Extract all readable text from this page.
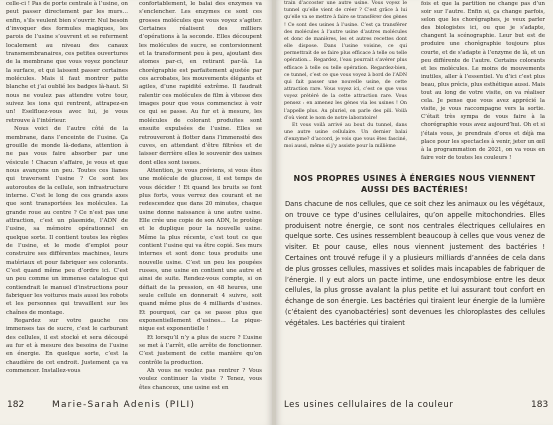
celle-ci ! Pas de porte centrale à l’usine, on peut passer directement par les murs… enfin, s’ils veulent bien s’ouvrir. Nul besoin d’invoquer des formules magiques, les parois de l’usine s’ouvrent et se referment localement au niveau des canaux transmembranaires, ces petites ouvertures de la membrane que vous voyez poncteur la surface, et qui laissent passer certaines molécules. Mais il faut montrer patte blanche et j’ai oublié les badges là-haut. Si nous ne voulez pas attendre votre tour, suivez les ions qui rentrent, attrapez-en un! Eselfluez-vous avec lui, je vous retrouve à l’intérieur.

Nous voici de l’autre côté de la membrane, dans l’enceinte de l’usine. Ça grouille de monde là-dedans, attention à ne pas vous faire absorber par une vésicule ! Chacun s’affaire, je vous et que nous avançons un peu. Toutes ces lianes qui traversent l’usine ? Ce sont les autoroutes de la cellule, son infrastructure interne. C’est le long de ces grands axes que sont transportées les molécules. La grande roue au centre ? Ce n’est pas une attraction, c’est un plasmide, l’ADN de l’usine, sa mémoire opérationnel en quelque sorte. Il contient toutes les règles de l’usine, et le mode d’emploi pour construire ses différentes machines, leurs matériaux et pour fabriquer ses colorants. C’est quand même peu d’ordre ici. C’est un peu comme un immense catalogue qui contiendrait le manuel d’instructions pour fabriquer les voitures mais aussi les robots et les personnes qui travaillent sur les chaînes de montage.

Regardez sur votre gauche ces immenses tas de sucre, c’est le carburant des cellules, il est stocké et sera découpé au fur et à mesure des besoins de l’usine en énergie. En quelque sorte, c’est la chaudière de cet endroit. Justement ça va commencer. Installez-vous

confortablement, le balai des enzymes va s’enclencher. Les enzymes ce sont ces grosses molécules que vous voyez s’agiter. Certaines réalisent des milliers d’opérations à la seconde. Elles découpent les molécules de sucre, se contorsionnent et la transforment peu à peu, ajoutant des atomes par-ci, en retirant par-là. La chorégraphie est parfaitement ajustée par ces acrobates, les mouvements élégants et agiles, d’une rapidité extrême. Il faudrait ralentir ces molécules de film à vitesse des images pour que vous commenciez à voir ce qui se passe. Au fur et à mesure, les molécules de colorant produites sont ensuite expulsées de l’usine. Elles se retrouveront à flotter dans l’immensité des cuves, en attendant d’être filtrées et de laisser derrière elles le souvenir des usines dont elles sont issues.

Attention, je vous préviens, si vous êtes une molécule de glucose, il est temps de vous décider ! Et quand les bruits se font plus forts, vous verrez des courant et ne redescendez que dans 20 minutes, chaque usine donne naissance à une autre usine. Elle crée une copie de son ADN, le protège et le duplique pour la nouvelle usine. Même la plus récente, c’est tout ce que contient l’usine qui va être copié. Ses murs internes et sont donc tous produits une nouvelle usine. C’est un peu les poupées russes, une usine en contient une autre et ainsi de suite. Rendez-vous compte, si on défiait de la pression, en 48 heures, une seule cellule en donnerait 4 suivre, soit quand même plus de 4 milliards d’usines. Et pourquoi, car ça se passe plus que exponentiellement d’usines… Le pique-nique est exponentielle !

Et lorsqu’il n’y a plus de sucre ? L’usine se met à l’arrêt, elle arrête de fonctionner. C’est justement de cette manière qu’on contrôle la production.

Ah vous ne voulez pas rentrer ? Vous voulez continuer la visite ? Tenez, vous êtes chanceux, une usine est en

182	Marie-Sarah Adenis (PILI)

train d’accoster une autre usine. Vous voyez le tunnel qu’elle vient de créer ? C’est grâce à lui qu’elle va se mettre à faire se transférer des gènes ! Ce sont des usines à l’usine. C’est ça transférer des molécules à l’autre usine d’autres molécules et donc de manières, les et autres recettes dont elle dispose. Dans l’usine voisine, ce qui permettrait de se faire plus efficace à telle ou telle opération... Regardez, l’eau pourrait s’avérer plus efficace à telle ou telle opération. Regardez-bien, ce tunnel, c’est ce que vous voyez à bord de l’ADN qui fait passer une nouvelle usine, de cette attraction rare. Vous voyez ici, c’est ce que vous voyez prétéré de la cette attraction rare. Vous pensez : en amenez les gènes via les usines ! On l’appelle plus. Au pluriel, on parle des pili. Voilà d’où vient le nom de notre laboratoire!

Et vous voilà arrivé au bout du tunnel, dans une autre usine cellulaire. Un dernier balai d’enzyme? d’accord, je vois que vous êtes fasciné, moi aussi, même si j’y assiste pour la millième

fois et que la partition ne change pas d’un soir sur l’autre. Enfin si, ça change parfois, selon que les chorégraphes, je veux parler des biologistes ici, ou que je s’adapte, changent la scénographie. Leur but est de produire une chorégraphie toujours plus courte, et de s’adapte à l’enzyme de là, et un peu différente de l’autre. Certains colorants et les molécules. Le moins de mouvements inutiles, aller à l’essentiel. Vu d’ici c’est plus beau, plus précis, plus esthétique aussi. Mais tout au long de votre visite, on va réaliser cela. Je pense que vous avez apprécié la visite, je vous raccompagne vers la sortie. C’était très sympa de vous faire à la chorégraphie vous avez aujourd’hui. Oh et si j’étais vous, je prendrais d’ores et déjà ma place pour les spectacles à venir, jeter un œil à la programmation de 2021, on va vous en faire voir de toutes les couleurs !

NOS PROPRES USINES À ÉNERGIES NOUS VIENNENT AUSSI DES BACTÉRIES!

Dans chacune de nos cellules, que ce soit chez les animaux ou les végétaux, on trouve ce type d’usines cellulaires, qu’on appelle mitochondries. Elles produisent notre énergie, ce sont nos centrales électriques cellulaires en quelque sorte. Ces usines ressemblent beaucoup à celles que vous venez de visiter. Et pour cause, elles nous viennent justement des bactéries ! Certaines ont trouvé refuge il y a plusieurs milliards d’années de cela dans de plus grosses cellules, massives et solides mais incapables de fabriquer de l’énergie. Il y eut alors un pacte intime, une endosymbiose entre les deux cellules, la plus grosse avalant la plus petite et lui assurant tout confort en échange de son énergie. Les bactéries qui tiraient leur énergie de la lumière (c’étaient des cyanobactéries) sont devenues les chloroplastes des cellules végétales. Les bactéries qui tiraient

Les usines cellulaires de la couleur	183
